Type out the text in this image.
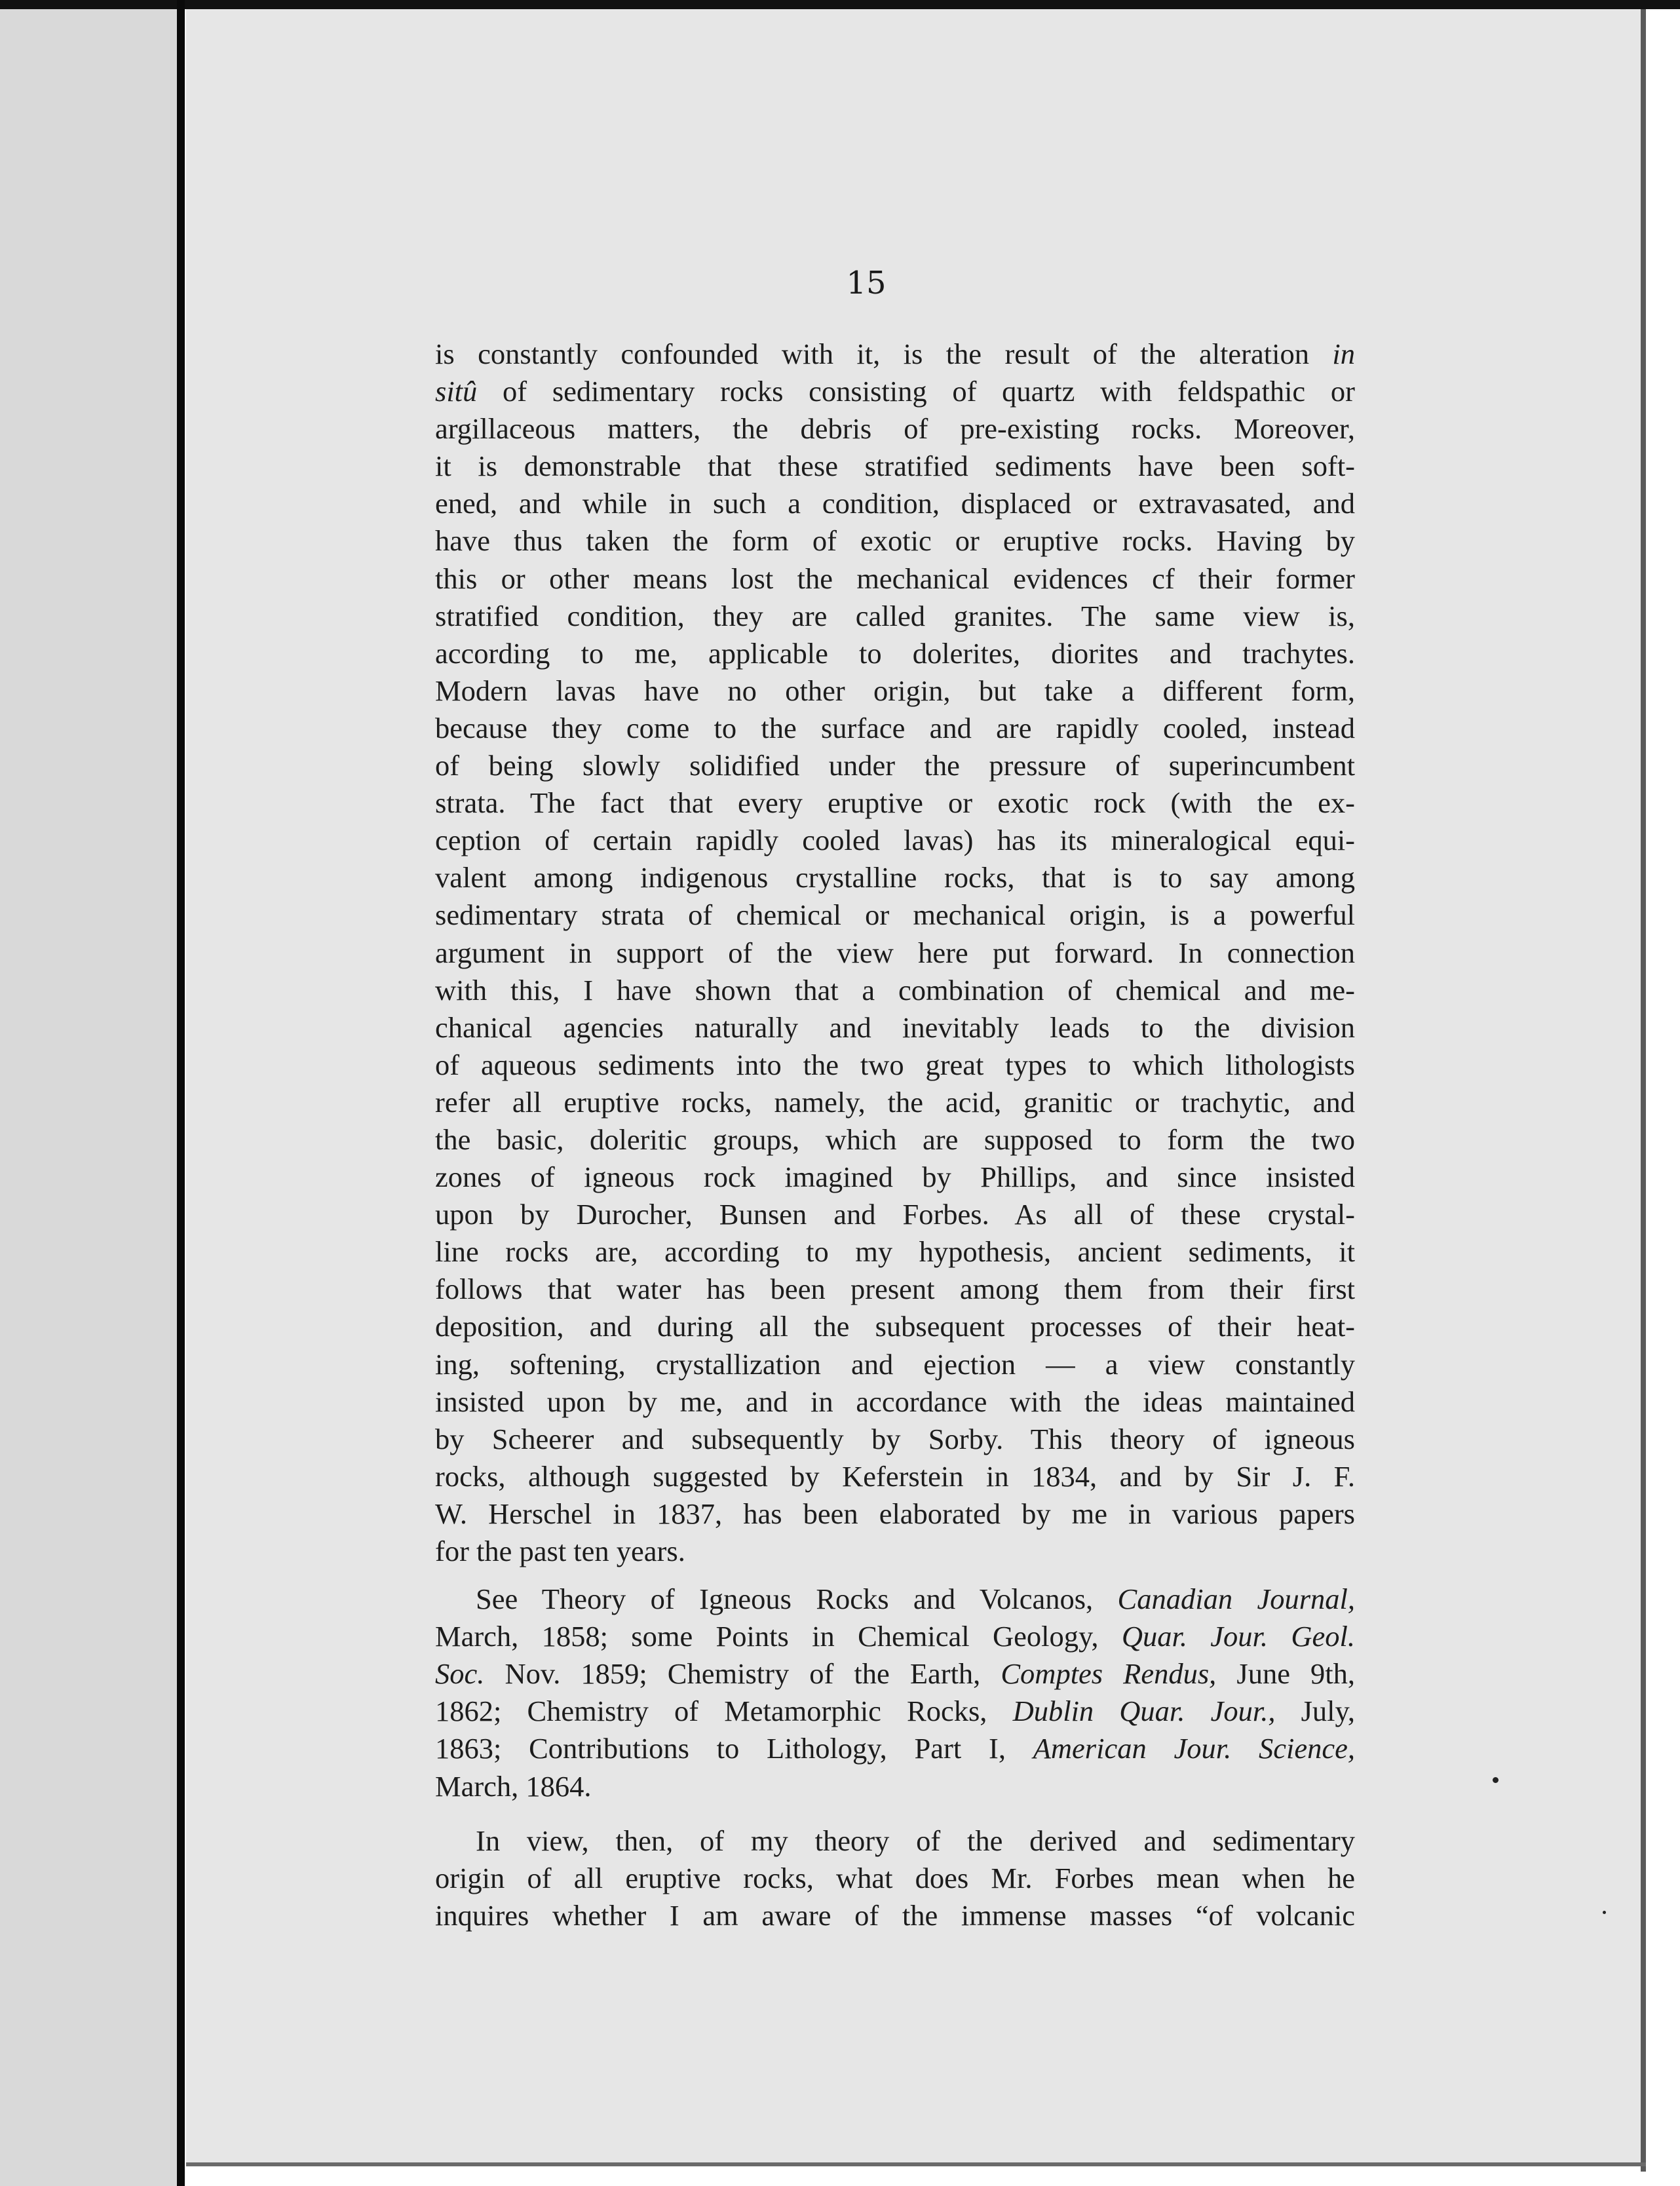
15
is constantly confounded with it, is the result of the alteration in
sitû of sedimentary rocks consisting of quartz with feldspathic or
argillaceous matters, the debris of pre-existing rocks. Moreover,
it is demonstrable that these stratified sediments have been soft-
ened, and while in such a condition, displaced or extravasated, and
have thus taken the form of exotic or eruptive rocks. Having by
this or other means lost the mechanical evidences cf their former
stratified condition, they are called granites. The same view is,
according to me, applicable to dolerites, diorites and trachytes.
Modern lavas have no other origin, but take a different form,
because they come to the surface and are rapidly cooled, instead
of being slowly solidified under the pressure of superincumbent
strata. The fact that every eruptive or exotic rock (with the ex-
ception of certain rapidly cooled lavas) has its mineralogical equi-
valent among indigenous crystalline rocks, that is to say among
sedimentary strata of chemical or mechanical origin, is a powerful
argument in support of the view here put forward. In connection
with this, I have shown that a combination of chemical and me-
chanical agencies naturally and inevitably leads to the division
of aqueous sediments into the two great types to which lithologists
refer all eruptive rocks, namely, the acid, granitic or trachytic, and
the basic, doleritic groups, which are supposed to form the two
zones of igneous rock imagined by Phillips, and since insisted
upon by Durocher, Bunsen and Forbes. As all of these crystal-
line rocks are, according to my hypothesis, ancient sediments, it
follows that water has been present among them from their first
deposition, and during all the subsequent processes of their heat-
ing, softening, crystallization and ejection — a view constantly
insisted upon by me, and in accordance with the ideas maintained
by Scheerer and subsequently by Sorby. This theory of igneous
rocks, although suggested by Keferstein in 1834, and by Sir J. F.
W. Herschel in 1837, has been elaborated by me in various papers
for the past ten years.
See Theory of Igneous Rocks and Volcanos, Canadian Journal,
March, 1858; some Points in Chemical Geology, Quar. Jour. Geol.
Soc. Nov. 1859; Chemistry of the Earth, Comptes Rendus, June 9th,
1862; Chemistry of Metamorphic Rocks, Dublin Quar. Jour., July,
1863; Contributions to Lithology, Part I, American Jour. Science,
March, 1864.
In view, then, of my theory of the derived and sedimentary
origin of all eruptive rocks, what does Mr. Forbes mean when he
inquires whether I am aware of the immense masses “of volcanic
